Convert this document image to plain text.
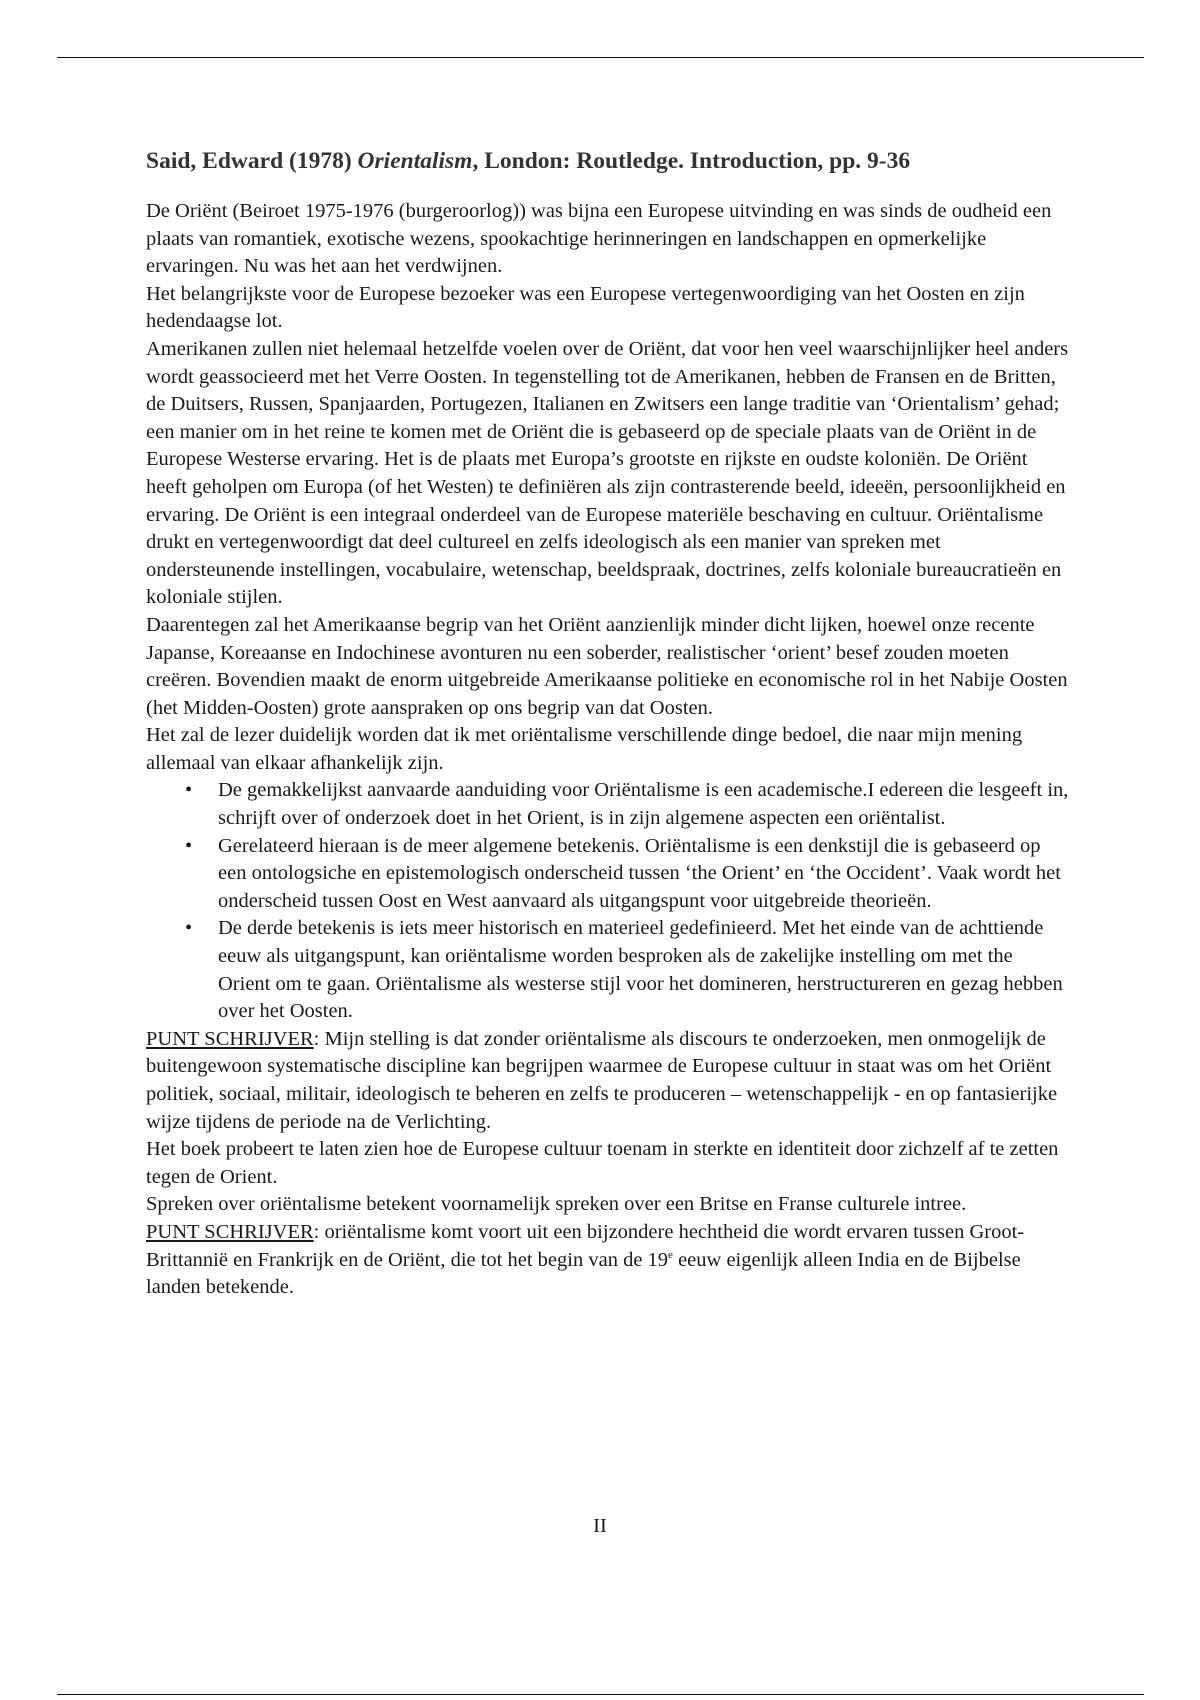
Said, Edward (1978) Orientalism, London: Routledge. Introduction, pp. 9-36

De Oriënt (Beiroet 1975-1976 (burgeroorlog)) was bijna een Europese uitvinding en was sinds de oudheid een plaats van romantiek, exotische wezens, spookachtige herinneringen en landschappen en opmerkelijke ervaringen. Nu was het aan het verdwijnen.

Het belangrijkste voor de Europese bezoeker was een Europese vertegenwoordiging van het Oosten en zijn hedendaagse lot.

Amerikanen zullen niet helemaal hetzelfde voelen over de Oriënt, dat voor hen veel waarschijnlijker heel anders wordt geassocieerd met het Verre Oosten. In tegenstelling tot de Amerikanen, hebben de Fransen en de Britten, de Duitsers, Russen, Spanjaarden, Portugezen, Italianen en Zwitsers een lange traditie van ‘Orientalism’ gehad; een manier om in het reine te komen met de Oriënt die is gebaseerd op de speciale plaats van de Oriënt in de Europese Westerse ervaring. Het is de plaats met Europa’s grootste en rijkste en oudste koloniën. De Oriënt heeft geholpen om Europa (of het Westen) te definiëren als zijn contrasterende beeld, ideeën, persoonlijkheid en ervaring. De Oriënt is een integraal onderdeel van de Europese materiële beschaving en cultuur. Oriëntalisme drukt en vertegenwoordigt dat deel cultureel en zelfs ideologisch als een manier van spreken met ondersteunende instellingen, vocabulaire, wetenschap, beeldspraak, doctrines, zelfs koloniale bureaucratieën en koloniale stijlen.

Daarentegen zal het Amerikaanse begrip van het Oriënt aanzienlijk minder dicht lijken, hoewel onze recente Japanse, Koreaanse en Indochinese avonturen nu een soberder, realistischer ‘orient’ besef zouden moeten creëren. Bovendien maakt de enorm uitgebreide Amerikaanse politieke en economische rol in het Nabije Oosten (het Midden-Oosten) grote aanspraken op ons begrip van dat Oosten.

Het zal de lezer duidelijk worden dat ik met oriëntalisme verschillende dinge bedoel, die naar mijn mening allemaal van elkaar afhankelijk zijn.

• De gemakkelijkst aanvaarde aanduiding voor Oriëntalisme is een academische.I edereen die lesgeeft in, schrijft over of onderzoek doet in het Orient, is in zijn algemene aspecten een oriëntalist.
• Gerelateerd hieraan is de meer algemene betekenis. Oriëntalisme is een denkstijl die is gebaseerd op een ontologsiche en epistemologisch onderscheid tussen ‘the Orient’ en ‘the Occident’. Vaak wordt het onderscheid tussen Oost en West aanvaard als uitgangspunt voor uitgebreide theorieën.
• De derde betekenis is iets meer historisch en materieel gedefinieerd. Met het einde van de achttiende eeuw als uitgangspunt, kan oriëntalisme worden besproken als de zakelijke instelling om met the Orient om te gaan. Oriëntalisme als westerse stijl voor het domineren, herstructureren en gezag hebben over het Oosten.

PUNT SCHRIJVER: Mijn stelling is dat zonder oriëntalisme als discours te onderzoeken, men onmogelijk de buitengewoon systematische discipline kan begrijpen waarmee de Europese cultuur in staat was om het Oriënt politiek, sociaal, militair, ideologisch te beheren en zelfs te produceren – wetenschappelijk - en op fantasierijke wijze tijdens de periode na de Verlichting.

Het boek probeert te laten zien hoe de Europese cultuur toenam in sterkte en identiteit door zichzelf af te zetten tegen de Orient.

Spreken over oriëntalisme betekent voornamelijk spreken over een Britse en Franse culturele intree.

PUNT SCHRIJVER: oriëntalisme komt voort uit een bijzondere hechtheid die wordt ervaren tussen Groot-Brittannië en Frankrijk en de Oriënt, die tot het begin van de 19e eeuw eigenlijk alleen India en de Bijbelse landen betekende.

II
